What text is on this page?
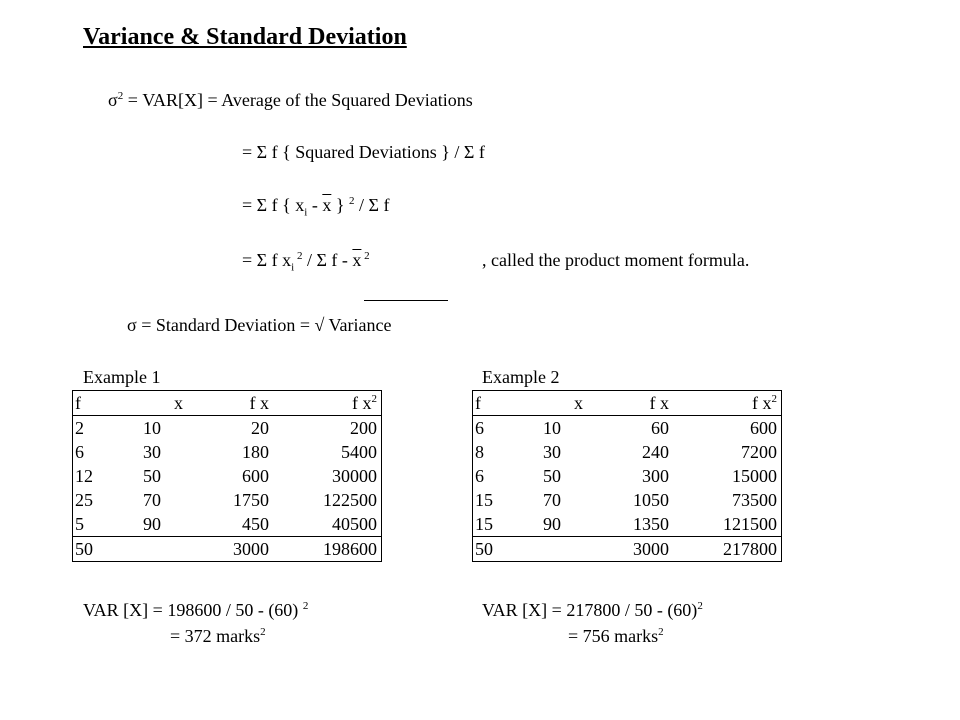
Variance & Standard Deviation
$\sigma^2 = VAR[X]$ = Average of the Squared Deviations
= Σ f { Squared Deviations } / Σ f
= Σ f { $x_i - \overline{x}$ } $^2$ / Σ f
= Σ f $x_i$ $^2$ / Σ f - $\overline{x}$ $^2$	, called the product moment formula.
σ = Standard Deviation = √ Variance
Example 1
f	x	f x	f $x^2$
2	10	20	200
6	30	180	5400
12	50	600	30000
25	70	1750	122500
5	90	450	40500
50		3000	198600
VAR [X] = 198600 / 50 - (60) $^2$
= 372 marks$^2$
Example 2
f	x	f x	f $x^2$
6	10	60	600
8	30	240	7200
6	50	300	15000
15	70	1050	73500
15	90	1350	121500
50		3000	217800
VAR $[X] = 217800 / 50 - (60)^2$
= 756 marks$^2$
